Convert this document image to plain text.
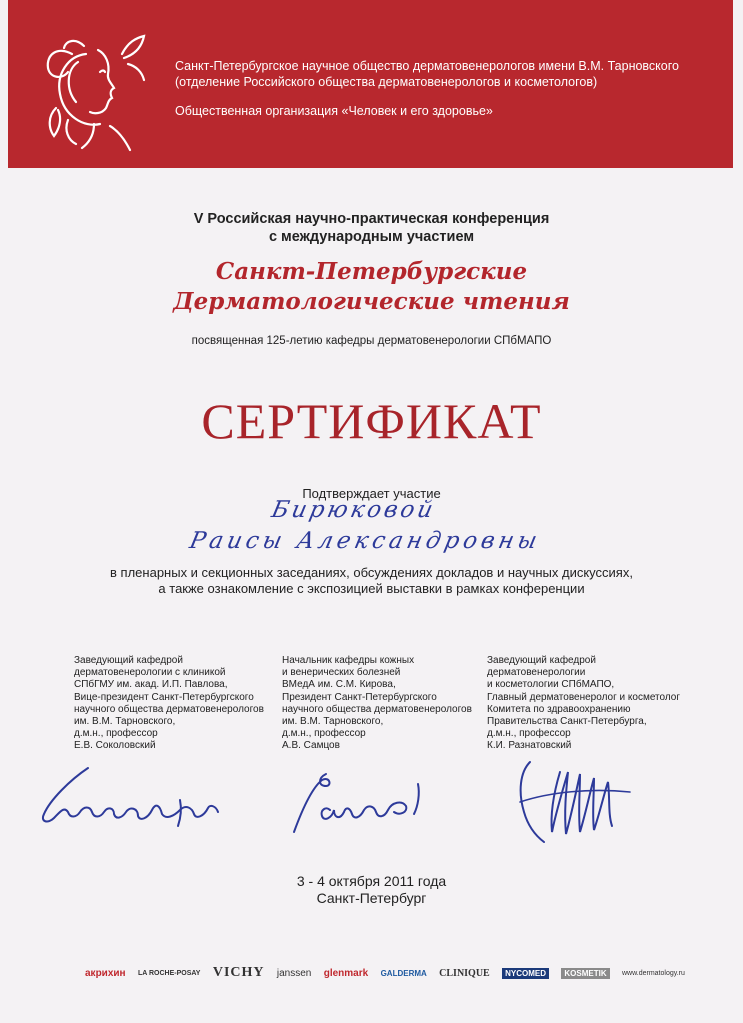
Санкт-Петербургское научное общество дерматовенерологов имени В.М. Тарновского
(отделение Российского общества дерматовенерологов и косметологов)
Общественная организация «Человек и его здоровье»
V Российская научно-практическая конференция
с международным участием
Санкт-Петербургские
Дерматологические чтения
посвященная 125-летию кафедры дерматовенерологии СПбМАПО
СЕРТИФИКАТ
Подтверждает участие
Бирюковой
Раисы Александровны
в пленарных и секционных заседаниях, обсуждениях докладов и научных дискуссиях,
а также ознакомление с экспозицией выставки в рамках конференции
Заведующий кафедрой
дерматовенерологии с клиникой
СПбГМУ им. акад. И.П. Павлова,
Вице-президент Санкт-Петербургского
научного общества дерматовенерологов
им. В.М. Тарновского,
д.м.н., профессор
Е.В. Соколовский
Начальник кафедры кожных
и венерических болезней
ВМедА им. С.М. Кирова,
Президент Санкт-Петербургского
научного общества дерматовенерологов
им. В.М. Тарновского,
д.м.н., профессор
А.В. Самцов
Заведующий кафедрой
дерматовенерологии
и косметологии СПбМАПО,
Главный дерматовенеролог и косметолог
Комитета по здравоохранению
Правительства Санкт-Петербурга,
д.м.н., профессор
К.И. Разнатовский
3 - 4 октября 2011 года
Санкт-Петербург
акрихин LA ROCHE-POSAY VICHY janssen glenmark GALDERMA CLINIQUE	NYCOMED	KOSMETIK	www.dermatology.ru
